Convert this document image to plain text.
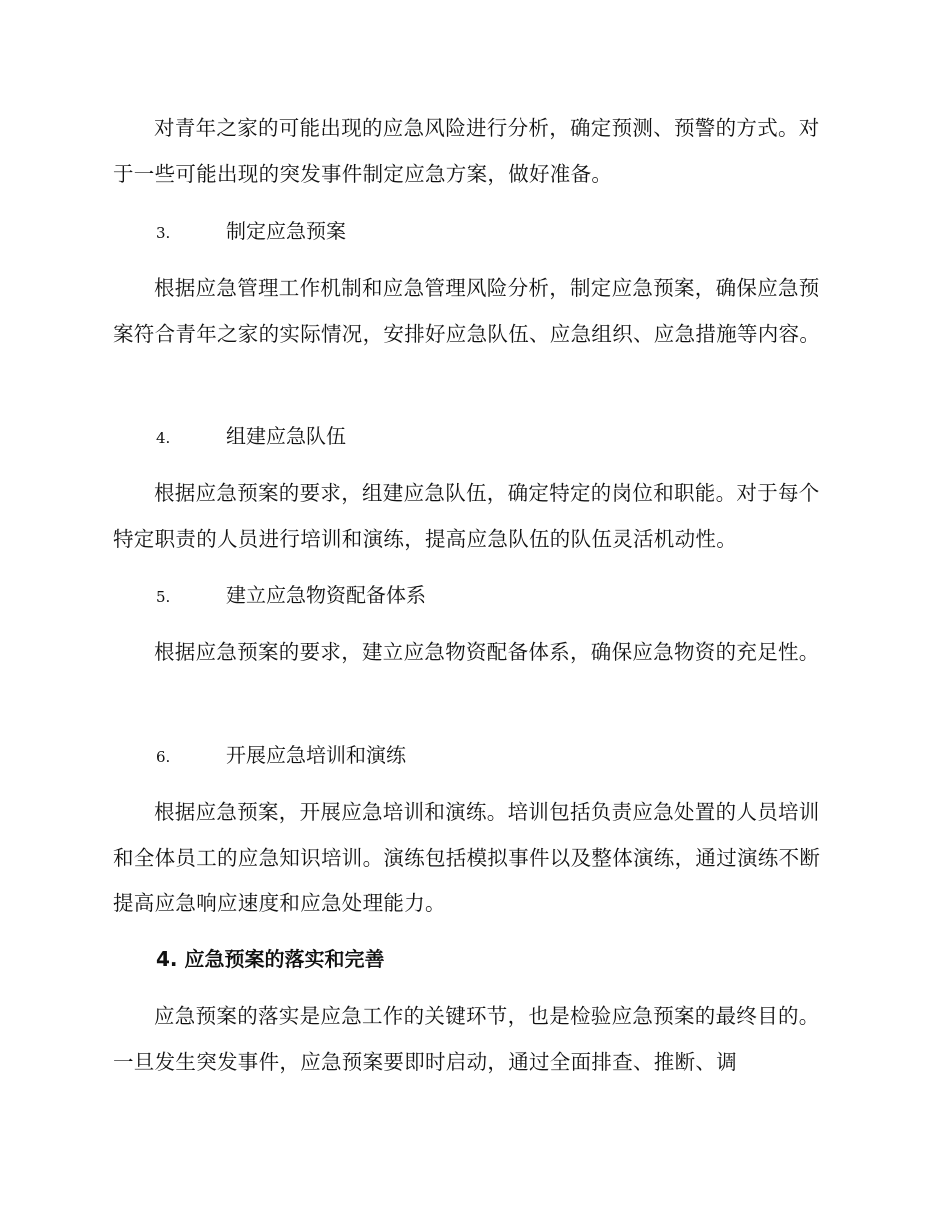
对青年之家的可能出现的应急风险进行分析，确定预测、预警的方式。对于一些可能出现的突发事件制定应急方案，做好准备。

3.	制定应急预案

根据应急管理工作机制和应急管理风险分析，制定应急预案，确保应急预案符合青年之家的实际情况，安排好应急队伍、应急组织、应急措施等内容。

4.	组建应急队伍

根据应急预案的要求，组建应急队伍，确定特定的岗位和职能。对于每个特定职责的人员进行培训和演练，提高应急队伍的队伍灵活机动性。

5.	建立应急物资配备体系

根据应急预案的要求，建立应急物资配备体系，确保应急物资的充足性。

6.	开展应急培训和演练

根据应急预案，开展应急培训和演练。培训包括负责应急处置的人员培训和全体员工的应急知识培训。演练包括模拟事件以及整体演练，通过演练不断提高应急响应速度和应急处理能力。

4. 应急预案的落实和完善

应急预案的落实是应急工作的关键环节，也是检验应急预案的最终目的。一旦发生突发事件，应急预案要即时启动，通过全面排查、推断、调
